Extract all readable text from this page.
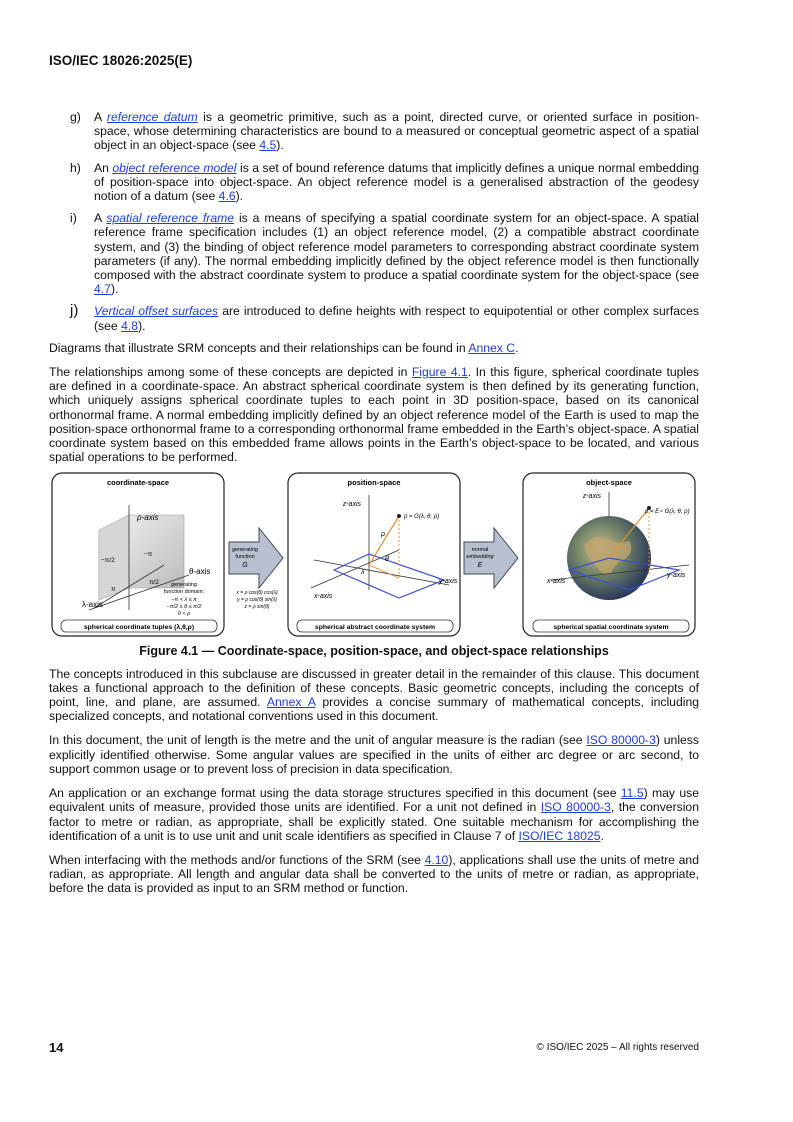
ISO/IEC 18026:2025(E)
g)	A reference datum is a geometric primitive, such as a point, directed curve, or oriented surface in position-space, whose determining characteristics are bound to a measured or conceptual geometric aspect of a spatial object in an object-space (see 4.5).
h)	An object reference model is a set of bound reference datums that implicitly defines a unique normal embedding of position-space into object-space. An object reference model is a generalised abstraction of the geodesy notion of a datum (see 4.6).
i)	A spatial reference frame is a means of specifying a spatial coordinate system for an object-space. A spatial reference frame specification includes (1) an object reference model, (2) a compatible abstract coordinate system, and (3) the binding of object reference model parameters to corresponding abstract coordinate system parameters (if any). The normal embedding implicitly defined by the object reference model is then functionally composed with the abstract coordinate system to produce a spatial coordinate system for the object-space (see 4.7).
j)	Vertical offset surfaces are introduced to define heights with respect to equipotential or other complex surfaces (see 4.8).

Diagrams that illustrate SRM concepts and their relationships can be found in Annex C.

The relationships among some of these concepts are depicted in Figure 4.1. In this figure, spherical coordinate tuples are defined in a coordinate-space. An abstract spherical coordinate system is then defined by its generating function, which uniquely assigns spherical coordinate tuples to each point in 3D position-space, based on its canonical orthonormal frame. A normal embedding implicitly defined by an object reference model of the Earth is used to map the position-space orthonormal frame to a corresponding orthonormal frame embedded in the Earth’s object-space. A spatial coordinate system based on this embedded frame allows points in the Earth’s object-space to be located, and various spatial operations to be performed.

coordinate-space
ρ-axis
θ-axis
λ-axis
−π/2
−π
π
π/2 generating
function domain:
−π < λ ≤ π
−π/2 ≤ θ ≤ π/2
0 < ρ
spherical coordinate tuples (λ,θ,ρ)
generating
function
G
x = ρ cos(θ) cos(λ)
y = ρ cos(θ) sin(λ)
z = ρ sin(θ)
position-space
z-axis
x-axis
y-axis
p = G(λ, θ, ρ)
ρ
λ
θ
spherical abstract coordinate system
normal
embedding
E
object-space
z-axis
x-axis
y-axis
p = E∘ G(λ, θ, ρ)
spherical spatial coordinate system
Figure 4.1 — Coordinate-space, position-space, and object-space relationships

The concepts introduced in this subclause are discussed in greater detail in the remainder of this clause. This document takes a functional approach to the definition of these concepts. Basic geometric concepts, including the concepts of point, line, and plane, are assumed. Annex A provides a concise summary of mathematical concepts, including specialized concepts, and notational conventions used in this document.

In this document, the unit of length is the metre and the unit of angular measure is the radian (see ISO 80000-3) unless explicitly identified otherwise. Some angular values are specified in the units of either arc degree or arc second, to support common usage or to prevent loss of precision in data specification.

An application or an exchange format using the data storage structures specified in this document (see 11.5) may use equivalent units of measure, provided those units are identified. For a unit not defined in ISO 80000-3, the conversion factor to metre or radian, as appropriate, shall be explicitly stated. One suitable mechanism for accomplishing the identification of a unit is to use unit and unit scale identifiers as specified in Clause 7 of ISO/IEC 18025.

When interfacing with the methods and/or functions of the SRM (see 4.10), applications shall use the units of metre and radian, as appropriate. All length and angular data shall be converted to the units of metre or radian, as appropriate, before the data is provided as input to an SRM method or function.

14	© ISO/IEC 2025 – All rights reserved
